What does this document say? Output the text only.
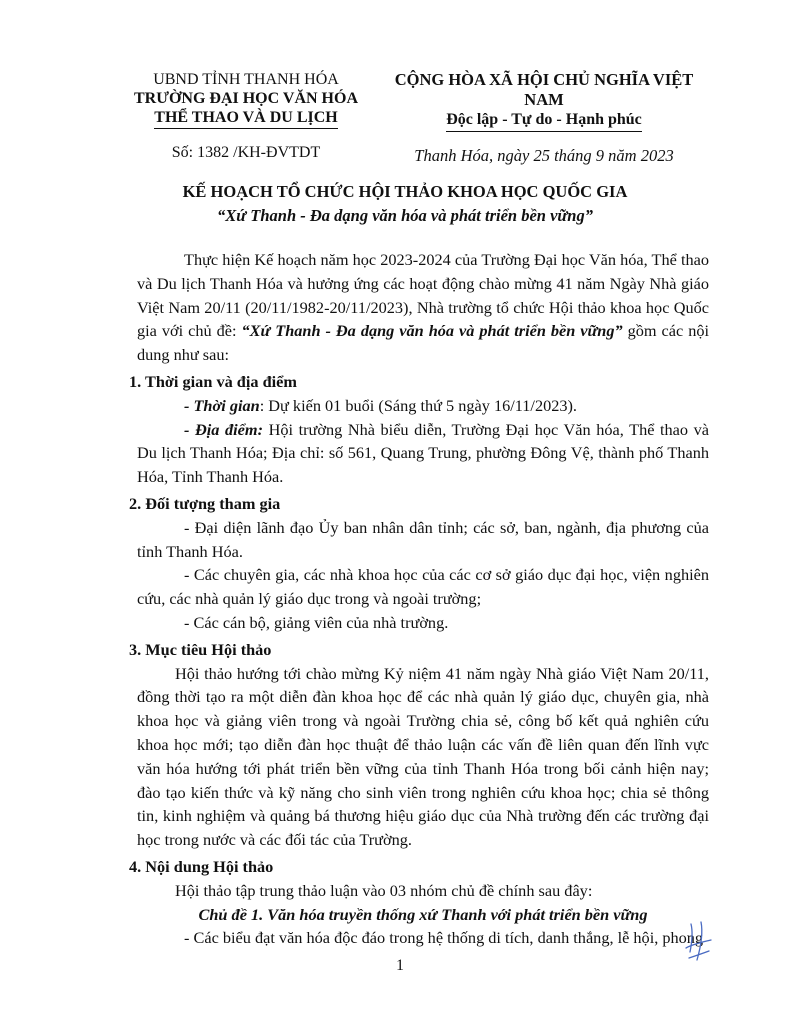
UBND TỈNH THANH HÓA
TRƯỜNG ĐẠI HỌC VĂN HÓA
THỂ THAO VÀ DU LỊCH
Số: 1382 /KH-ĐVTDT
CỘNG HÒA XÃ HỘI CHỦ NGHĨA VIỆT NAM
Độc lập - Tự do - Hạnh phúc
Thanh Hóa, ngày 25 tháng 9 năm 2023
KẾ HOẠCH TỔ CHỨC HỘI THẢO KHOA HỌC QUỐC GIA
“Xứ Thanh - Đa dạng văn hóa và phát triển bền vững”

Thực hiện Kế hoạch năm học 2023-2024 của Trường Đại học Văn hóa, Thể thao và Du lịch Thanh Hóa và hưởng ứng các hoạt động chào mừng 41 năm Ngày Nhà giáo Việt Nam 20/11 (20/11/1982-20/11/2023), Nhà trường tổ chức Hội thảo khoa học Quốc gia với chủ đề: “Xứ Thanh - Đa dạng văn hóa và phát triển bền vững” gồm các nội dung như sau:

1. Thời gian và địa điểm

- Thời gian: Dự kiến 01 buổi (Sáng thứ 5 ngày 16/11/2023).

- Địa điểm: Hội trường Nhà biểu diễn, Trường Đại học Văn hóa, Thể thao và Du lịch Thanh Hóa; Địa chỉ: số 561, Quang Trung, phường Đông Vệ, thành phố Thanh Hóa, Tỉnh Thanh Hóa.

2. Đối tượng tham gia

- Đại diện lãnh đạo Ủy ban nhân dân tỉnh; các sở, ban, ngành, địa phương của tỉnh Thanh Hóa.

- Các chuyên gia, các nhà khoa học của các cơ sở giáo dục đại học, viện nghiên cứu, các nhà quản lý giáo dục trong và ngoài trường;

- Các cán bộ, giảng viên của nhà trường.

3. Mục tiêu Hội thảo

Hội thảo hướng tới chào mừng Kỷ niệm 41 năm ngày Nhà giáo Việt Nam 20/11, đồng thời tạo ra một diễn đàn khoa học để các nhà quản lý giáo dục, chuyên gia, nhà khoa học và giảng viên trong và ngoài Trường chia sẻ, công bố kết quả nghiên cứu khoa học mới; tạo diễn đàn học thuật để thảo luận các vấn đề liên quan đến lĩnh vực văn hóa hướng tới phát triển bền vững của tỉnh Thanh Hóa trong bối cảnh hiện nay; đào tạo kiến thức và kỹ năng cho sinh viên trong nghiên cứu khoa học; chia sẻ thông tin, kinh nghiệm và quảng bá thương hiệu giáo dục của Nhà trường đến các trường đại học trong nước và các đối tác của Trường.

4. Nội dung Hội thảo

Hội thảo tập trung thảo luận vào 03 nhóm chủ đề chính sau đây:

Chủ đề 1. Văn hóa truyền thống xứ Thanh với phát triển bền vững

- Các biểu đạt văn hóa độc đáo trong hệ thống di tích, danh thắng, lễ hội, phong

1
